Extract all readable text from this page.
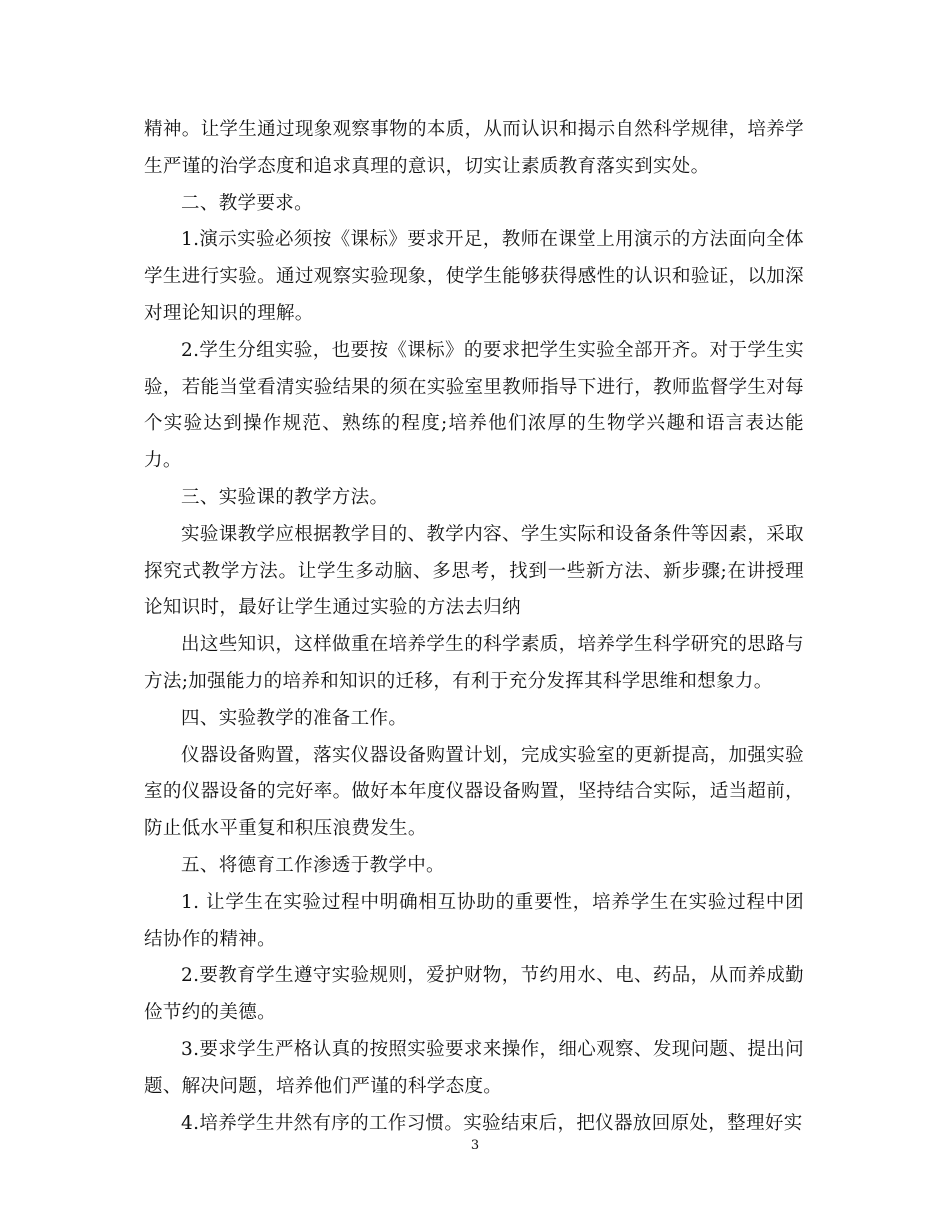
精神。让学生通过现象观察事物的本质，从而认识和揭示自然科学规律，培养学生严谨的治学态度和追求真理的意识，切实让素质教育落实到实处。

二、教学要求。

1.演示实验必须按《课标》要求开足，教师在课堂上用演示的方法面向全体学生进行实验。通过观察实验现象，使学生能够获得感性的认识和验证，以加深对理论知识的理解。

2.学生分组实验，也要按《课标》的要求把学生实验全部开齐。对于学生实验，若能当堂看清实验结果的须在实验室里教师指导下进行，教师监督学生对每个实验达到操作规范、熟练的程度;培养他们浓厚的生物学兴趣和语言表达能力。

三、实验课的教学方法。

实验课教学应根据教学目的、教学内容、学生实际和设备条件等因素，采取探究式教学方法。让学生多动脑、多思考，找到一些新方法、新步骤;在讲授理论知识时，最好让学生通过实验的方法去归纳

出这些知识，这样做重在培养学生的科学素质，培养学生科学研究的思路与方法;加强能力的培养和知识的迁移，有利于充分发挥其科学思维和想象力。

四、实验教学的准备工作。

仪器设备购置，落实仪器设备购置计划，完成实验室的更新提高，加强实验室的仪器设备的完好率。做好本年度仪器设备购置，坚持结合实际，适当超前，防止低水平重复和积压浪费发生。

五、将德育工作渗透于教学中。

1. 让学生在实验过程中明确相互协助的重要性，培养学生在实验过程中团结协作的精神。

2.要教育学生遵守实验规则，爱护财物，节约用水、电、药品，从而养成勤俭节约的美德。

3.要求学生严格认真的按照实验要求来操作，细心观察、发现问题、提出问题、解决问题，培养他们严谨的科学态度。

4.培养学生井然有序的工作习惯。实验结束后，把仪器放回原处，整理好实

3
